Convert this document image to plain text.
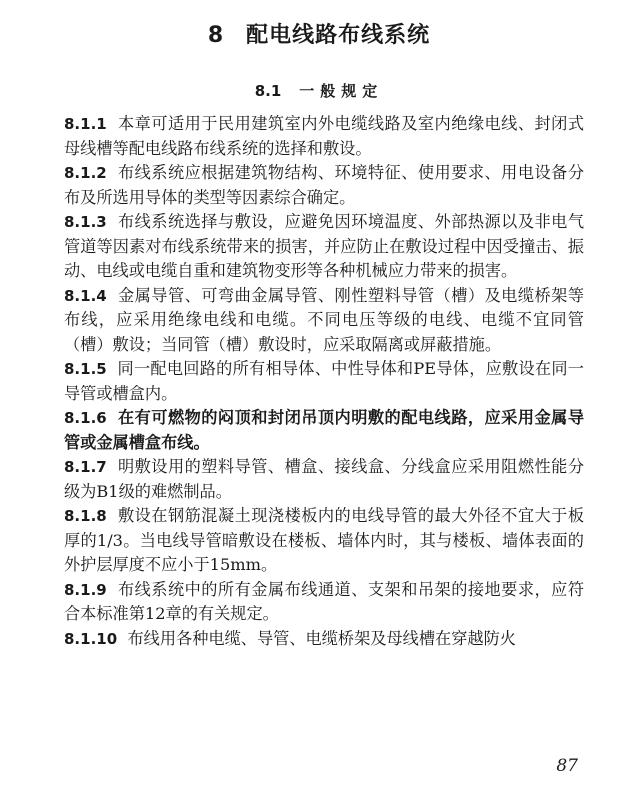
8 配电线路布线系统
8.1 一般规定

8.1.1 本章可适用于民用建筑室内外电缆线路及室内绝缘电线、封闭式母线槽等配电线路布线系统的选择和敷设。

8.1.2 布线系统应根据建筑物结构、环境特征、使用要求、用电设备分布及所选用导体的类型等因素综合确定。

8.1.3 布线系统选择与敷设，应避免因环境温度、外部热源以及非电气管道等因素对布线系统带来的损害，并应防止在敷设过程中因受撞击、振动、电线或电缆自重和建筑物变形等各种机械应力带来的损害。

8.1.4 金属导管、可弯曲金属导管、刚性塑料导管（槽）及电缆桥架等布线，应采用绝缘电线和电缆。不同电压等级的电线、电缆不宜同管（槽）敷设；当同管（槽）敷设时，应采取隔离或屏蔽措施。

8.1.5 同一配电回路的所有相导体、中性导体和PE导体，应敷设在同一导管或槽盒内。

8.1.6 在有可燃物的闷顶和封闭吊顶内明敷的配电线路，应采用金属导管或金属槽盒布线。

8.1.7 明敷设用的塑料导管、槽盒、接线盒、分线盒应采用阻燃性能分级为B1级的难燃制品。

8.1.8 敷设在钢筋混凝土现浇楼板内的电线导管的最大外径不宜大于板厚的1/3。当电线导管暗敷设在楼板、墙体内时，其与楼板、墙体表面的外护层厚度不应小于15mm。

8.1.9 布线系统中的所有金属布线通道、支架和吊架的接地要求，应符合本标准第12章的有关规定。

8.1.10 布线用各种电缆、导管、电缆桥架及母线槽在穿越防火

87
